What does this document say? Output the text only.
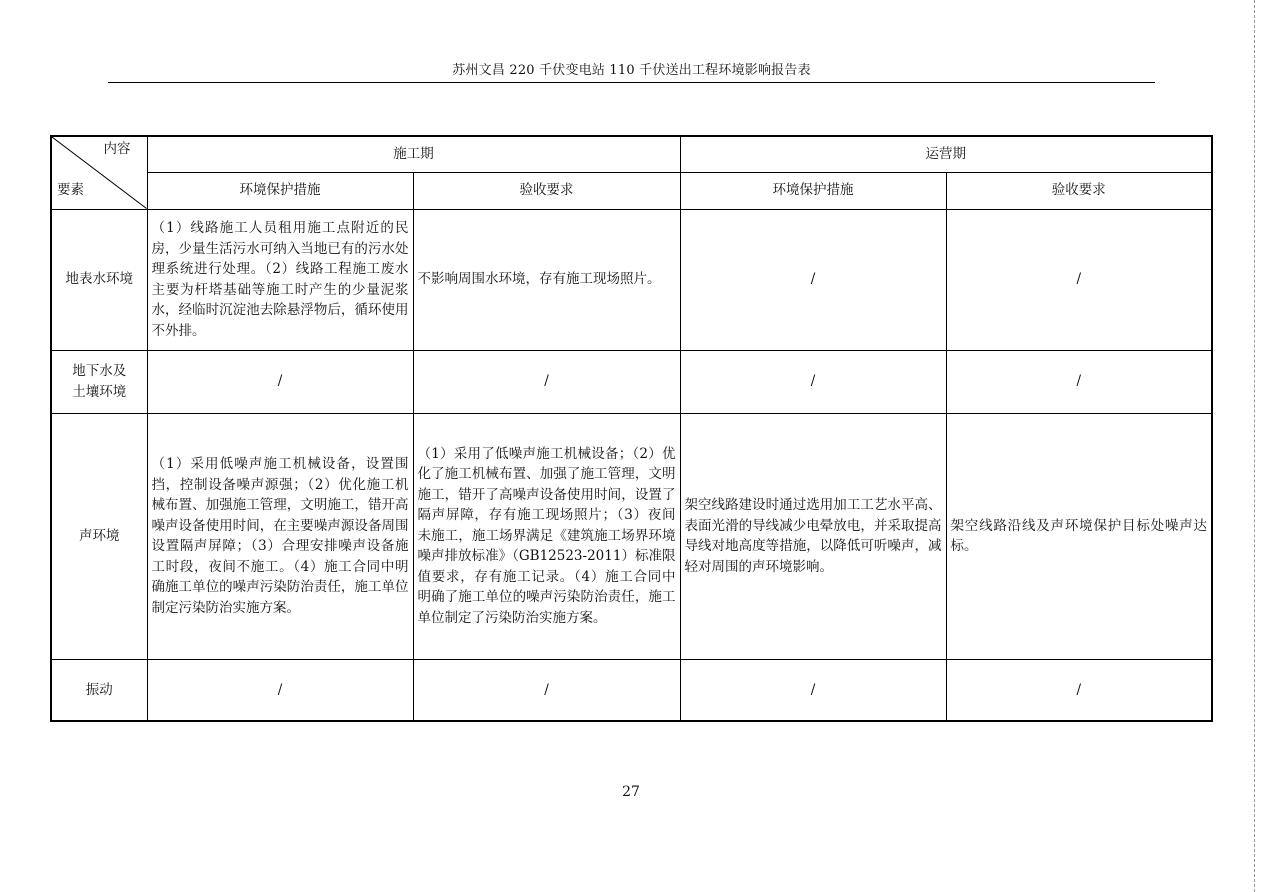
苏州文昌 220 千伏变电站 110 千伏送出工程环境影响报告表
内容
要素	施工期		运营期	
	环境保护措施	验收要求	环境保护措施	验收要求
地表水环境	（1）线路施工人员租用施工点附近的民房，少量生活污水可纳入当地已有的污水处理系统进行处理。（2）线路工程施工废水主要为杆塔基础等施工时产生的少量泥浆水，经临时沉淀池去除悬浮物后，循环使用不外排。	不影响周围水环境，存有施工现场照片。	/	/
地下水及土壤环境	/	/	/	/
声环境	（1）采用低噪声施工机械设备，设置围挡，控制设备噪声源强；（2）优化施工机械布置、加强施工管理，文明施工，错开高噪声设备使用时间，在主要噪声源设备周围设置隔声屏障；（3）合理安排噪声设备施工时段，夜间不施工。（4）施工合同中明确施工单位的噪声污染防治责任，施工单位制定污染防治实施方案。	（1）采用了低噪声施工机械设备；（2）优化了施工机械布置、加强了施工管理，文明施工，错开了高噪声设备使用时间，设置了隔声屏障，存有施工现场照片；（3）夜间未施工，施工场界满足《建筑施工场界环境噪声排放标准》（GB12523-2011）标准限值要求，存有施工记录。（4）施工合同中明确了施工单位的噪声污染防治责任，施工单位制定了污染防治实施方案。	架空线路建设时通过选用加工工艺水平高、表面光滑的导线减少电晕放电，并采取提高导线对地高度等措施，以降低可听噪声，减轻对周围的声环境影响。	架空线路沿线及声环境保护目标处噪声达标。
振动	/	/	/	/
27
